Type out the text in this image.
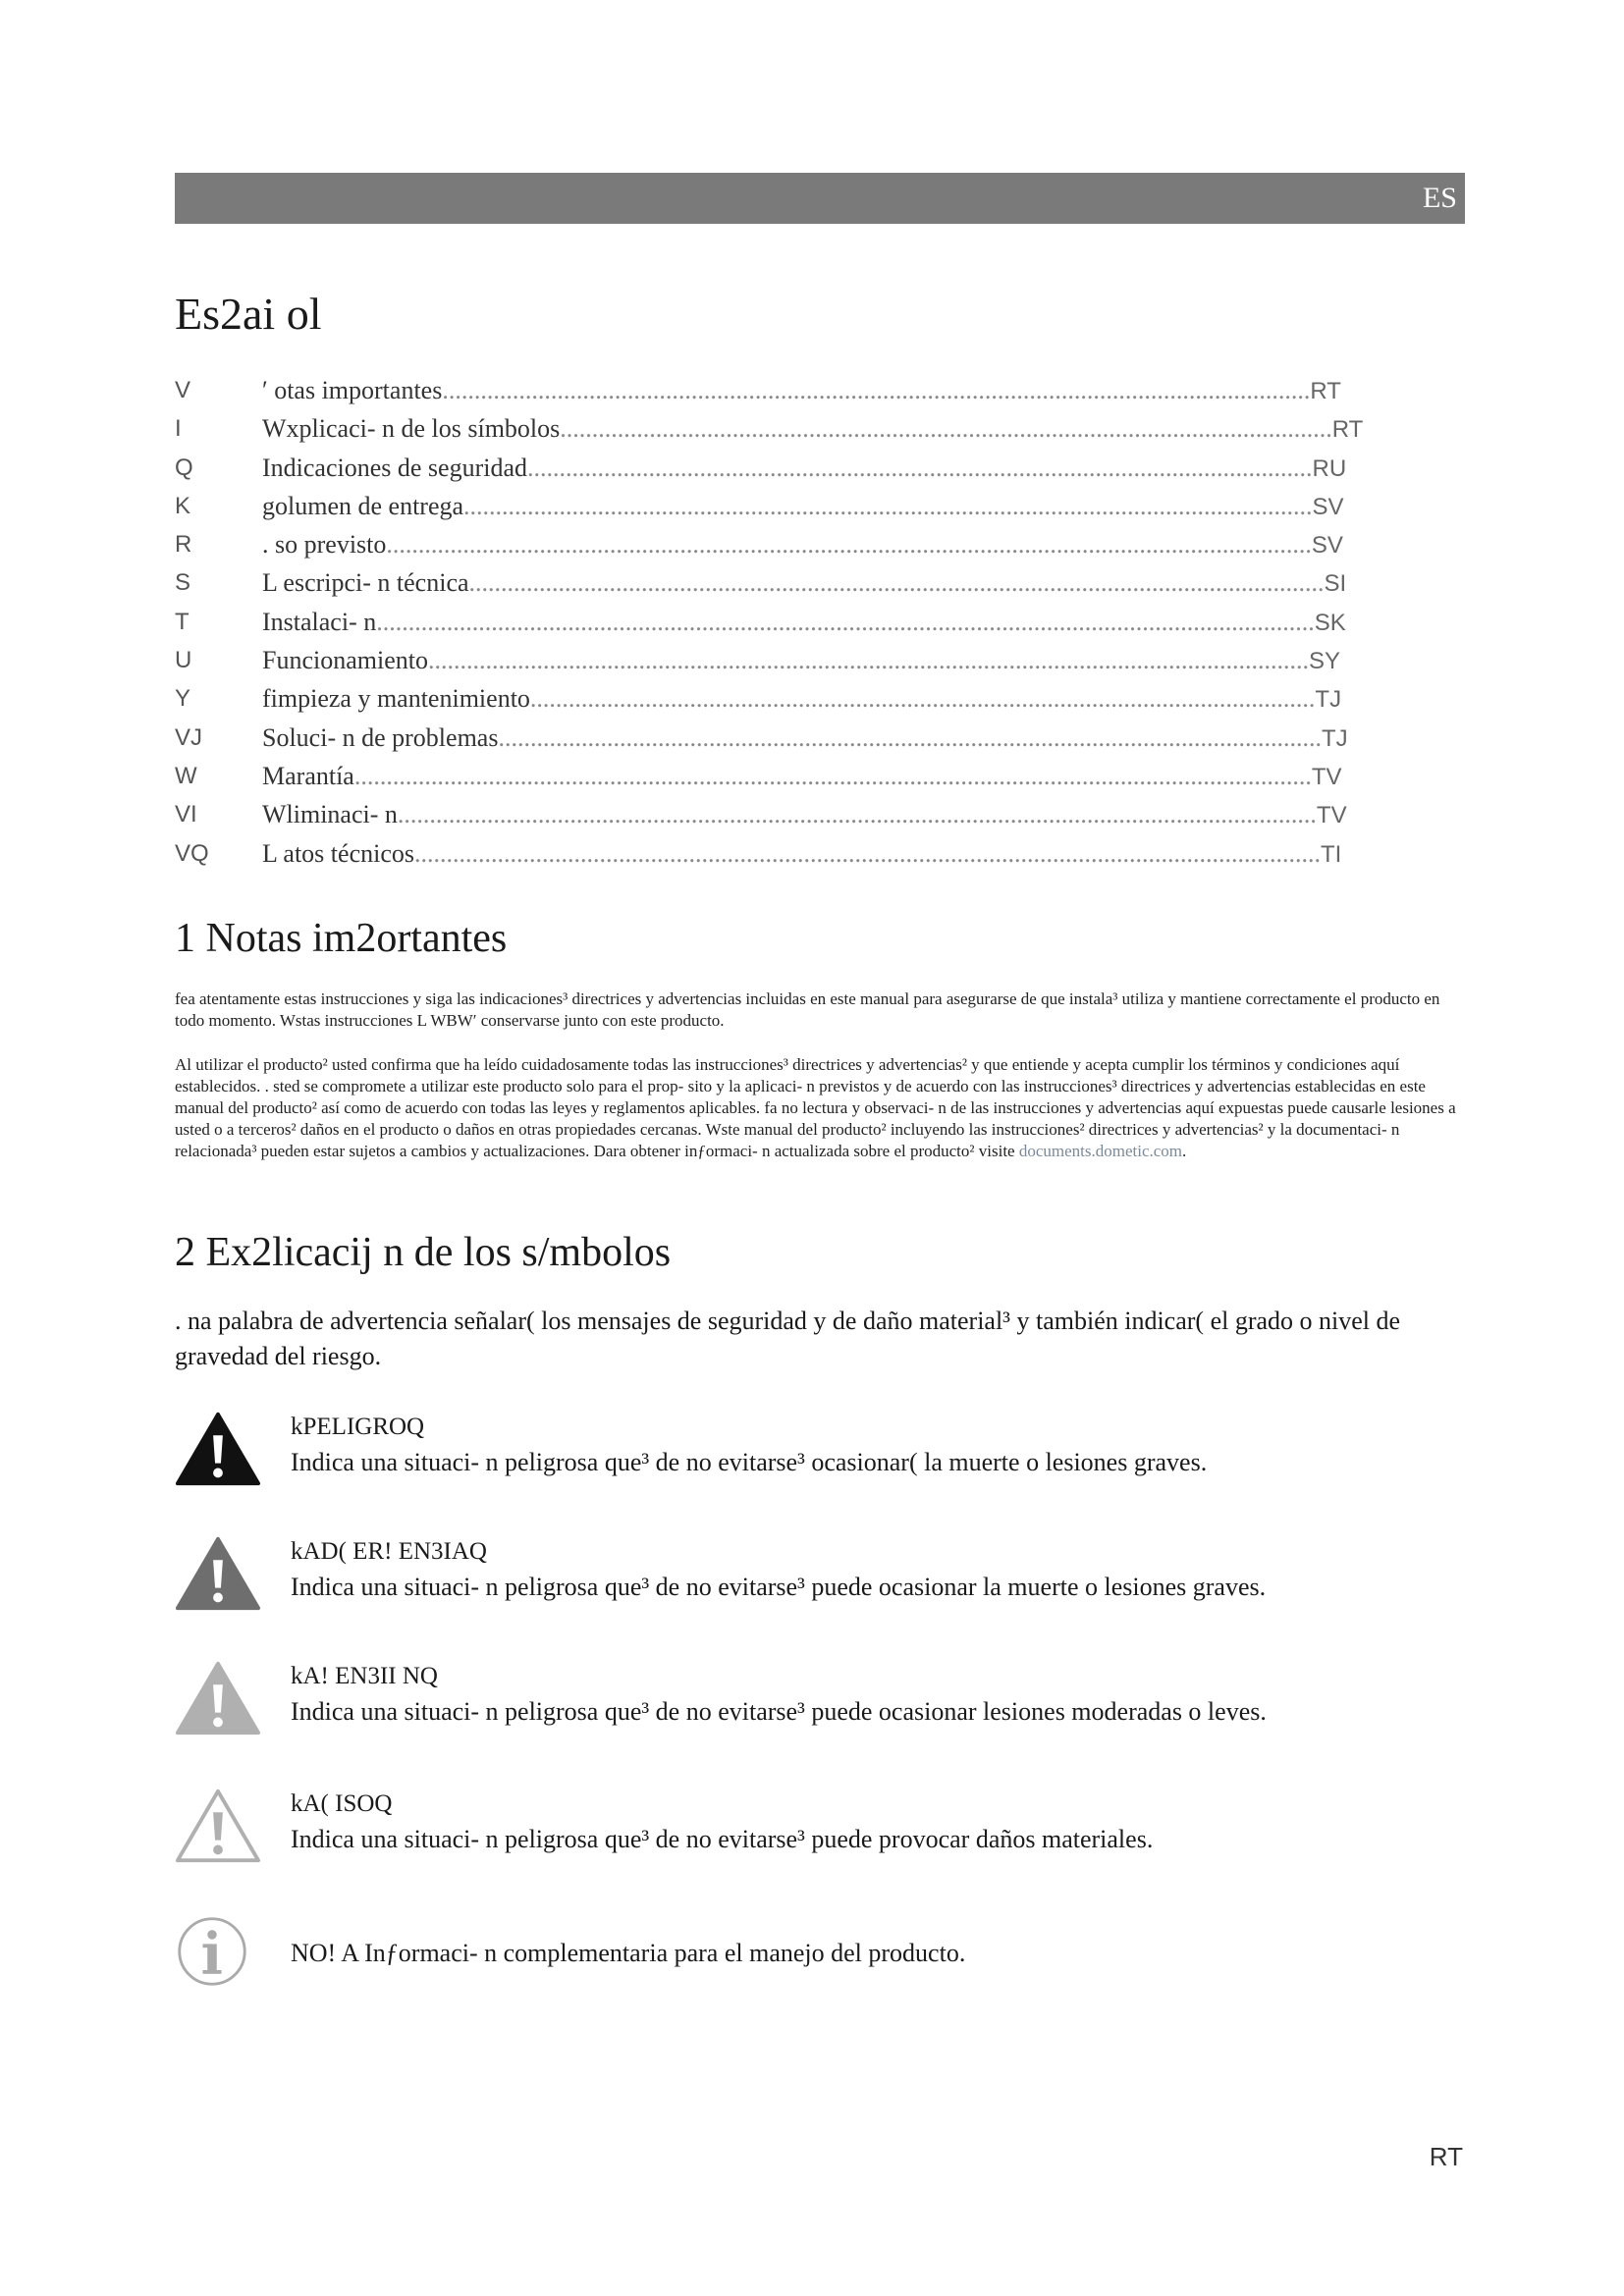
ES
Es2ai ol
V	′ otas importantes........................................................................................................................................RT
I	Wxplicaci- n de los símbolos.........................................................................................................................RT
Q	Indicaciones de seguridad...........................................................................................................................RU
K	golumen de entrega.....................................................................................................................................SV
R	. so previsto.................................................................................................................................................SV
S	L escripci- n técnica......................................................................................................................................SI
T	Instalaci- n...................................................................................................................................................SK
U	Funcionamiento..........................................................................................................................................SY
Y	fimpieza y mantenimiento...........................................................................................................................TJ
VJ Soluci- n de problemas.................................................................................................................................TJ
W	Marantía......................................................................................................................................................TV
VI	Wliminaci- n................................................................................................................................................TV
VQ L atos técnicos..............................................................................................................................................TI
1 Notas im2ortantes

fea atentamente estas instrucciones y siga las indicaciones³ directrices y advertencias incluidas en este manual para asegurarse de que instala³ utiliza y mantiene correctamente el producto en todo momento. Wstas instrucciones L WBW′ conservarse junto con este producto.

Al utilizar el producto² usted confirma que ha leído cuidadosamente todas las instrucciones³ directrices y advertencias² y que entiende y acepta cumplir los términos y condiciones aquí establecidos. . sted se compromete a utilizar este producto solo para el prop- sito y la aplicaci- n previstos y de acuerdo con las instrucciones³ directrices y advertencias establecidas en este manual del producto² así como de acuerdo con todas las leyes y reglamentos aplicables. fa no lectura y observaci- n de las instrucciones y advertencias aquí expuestas puede causarle lesiones a usted o a terceros² daños en el producto o daños en otras propiedades cercanas. Wste manual del producto² incluyendo las instrucciones² directrices y advertencias² y la documentaci- n relacionada³ pueden estar sujetos a cambios y actualizaciones. Dara obtener inƒormaci- n actualizada sobre el producto² visite documents.dometic.com.

2 Ex2licacij n de los s/mbolos

. na palabra de advertencia señalar( los mensajes de seguridad y de daño material³ y también indicar( el grado o nivel de gravedad del riesgo.

kPELIGROQ
Indica una situaci- n peligrosa que³ de no evitarse³ ocasionar( la muerte o lesiones graves.
kAD( ER! EN3IAQ
Indica una situaci- n peligrosa que³ de no evitarse³ puede ocasionar la muerte o lesiones graves.
kA! EN3II NQ
Indica una situaci- n peligrosa que³ de no evitarse³ puede ocasionar lesiones moderadas o leves.
kA( ISOQ
Indica una situaci- n peligrosa que³ de no evitarse³ puede provocar daños materiales.
NO! A Inƒormaci- n complementaria para el manejo del producto.
RT
